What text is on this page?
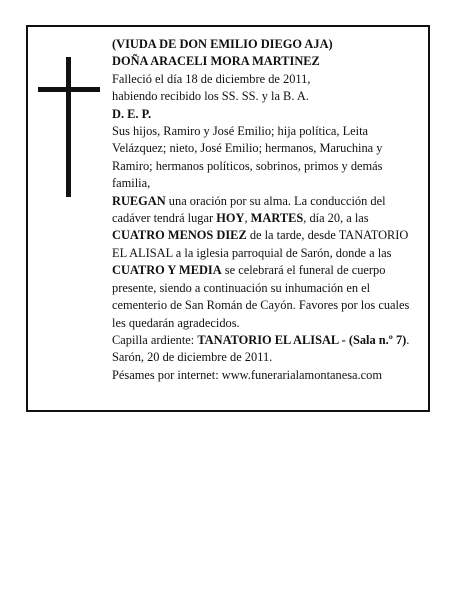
(VIUDA DE DON EMILIO DIEGO AJA)

DOÑA ARACELI MORA MARTINEZ

Falleció el día 18 de diciembre de 2011,

habiendo recibido los SS. SS. y la B. A.

D. E. P.

Sus hijos, Ramiro y José Emilio; hija política, Leita Velázquez; nieto, José Emilio; hermanos, Maruchina y Ramiro; hermanos políticos, sobrinos, primos y demás familia,

RUEGAN una oración por su alma. La conducción del cadáver tendrá lugar HOY, MARTES, día 20, a las CUATRO MENOS DIEZ de la tarde, desde TANATORIO EL ALISAL a la iglesia parroquial de Sarón, donde a las CUATRO Y MEDIA se celebrará el funeral de cuerpo presente, siendo a continuación su inhumación en el cementerio de San Román de Cayón. Favores por los cuales les quedarán agradecidos.

Capilla ardiente: TANATORIO EL ALISAL - (Sala n.º 7).

Sarón, 20 de diciembre de 2011.

Pésames por internet: www.funerarialamontanesa.com
